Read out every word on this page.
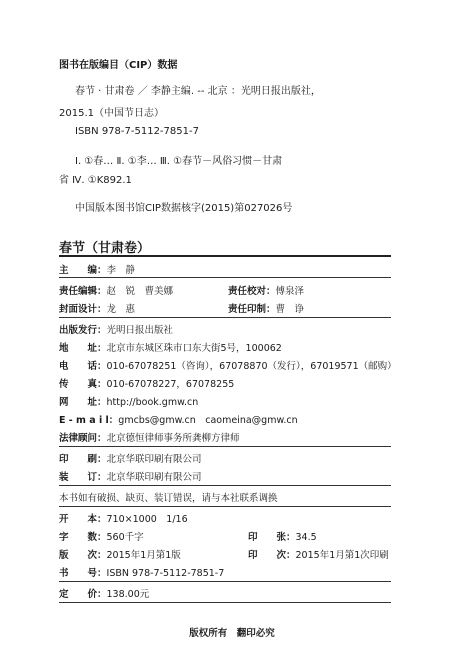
图书在版编目（CIP）数据
春节 · 甘肃卷 ／ 李静主编. -- 北京 ：光明日报出版社，
2015.1（中国节日志）
ISBN 978-7-5112-7851-7
Ⅰ. ①春… Ⅱ. ①李… Ⅲ. ①春节－风俗习惯－甘肃
省 Ⅳ. ①K892.1
中国版本图书馆CIP数据核字(2015)第027026号
春节（甘肃卷）
主　　编：李　静
责任编辑：赵　锐　曹美娜	责任校对：傅泉泽
封面设计：龙　惠	责任印制：曹　诤
出版发行：光明日报出版社
地　　址：北京市东城区珠市口东大街5号，100062
电　　话：010-67078251（咨询），67078870（发行），67019571（邮购）
传　　真：010-67078227，67078255
网　　址：http://book.gmw.cn
E - m a i l：gmcbs@gmw.cn　caomeina@gmw.cn
法律顾问：北京德恒律师事务所龚柳方律师
印　　刷：北京华联印刷有限公司
装　　订：北京华联印刷有限公司
本书如有破损、缺页、装订错误，请与本社联系调换
开　　本：710×1000　1/16
字　　数：560千字	印　　张：34.5
版　　次：2015年1月第1版	印　　次：2015年1月第1次印刷
书　　号：ISBN 978-7-5112-7851-7
定　　价：138.00元
版权所有　翻印必究
